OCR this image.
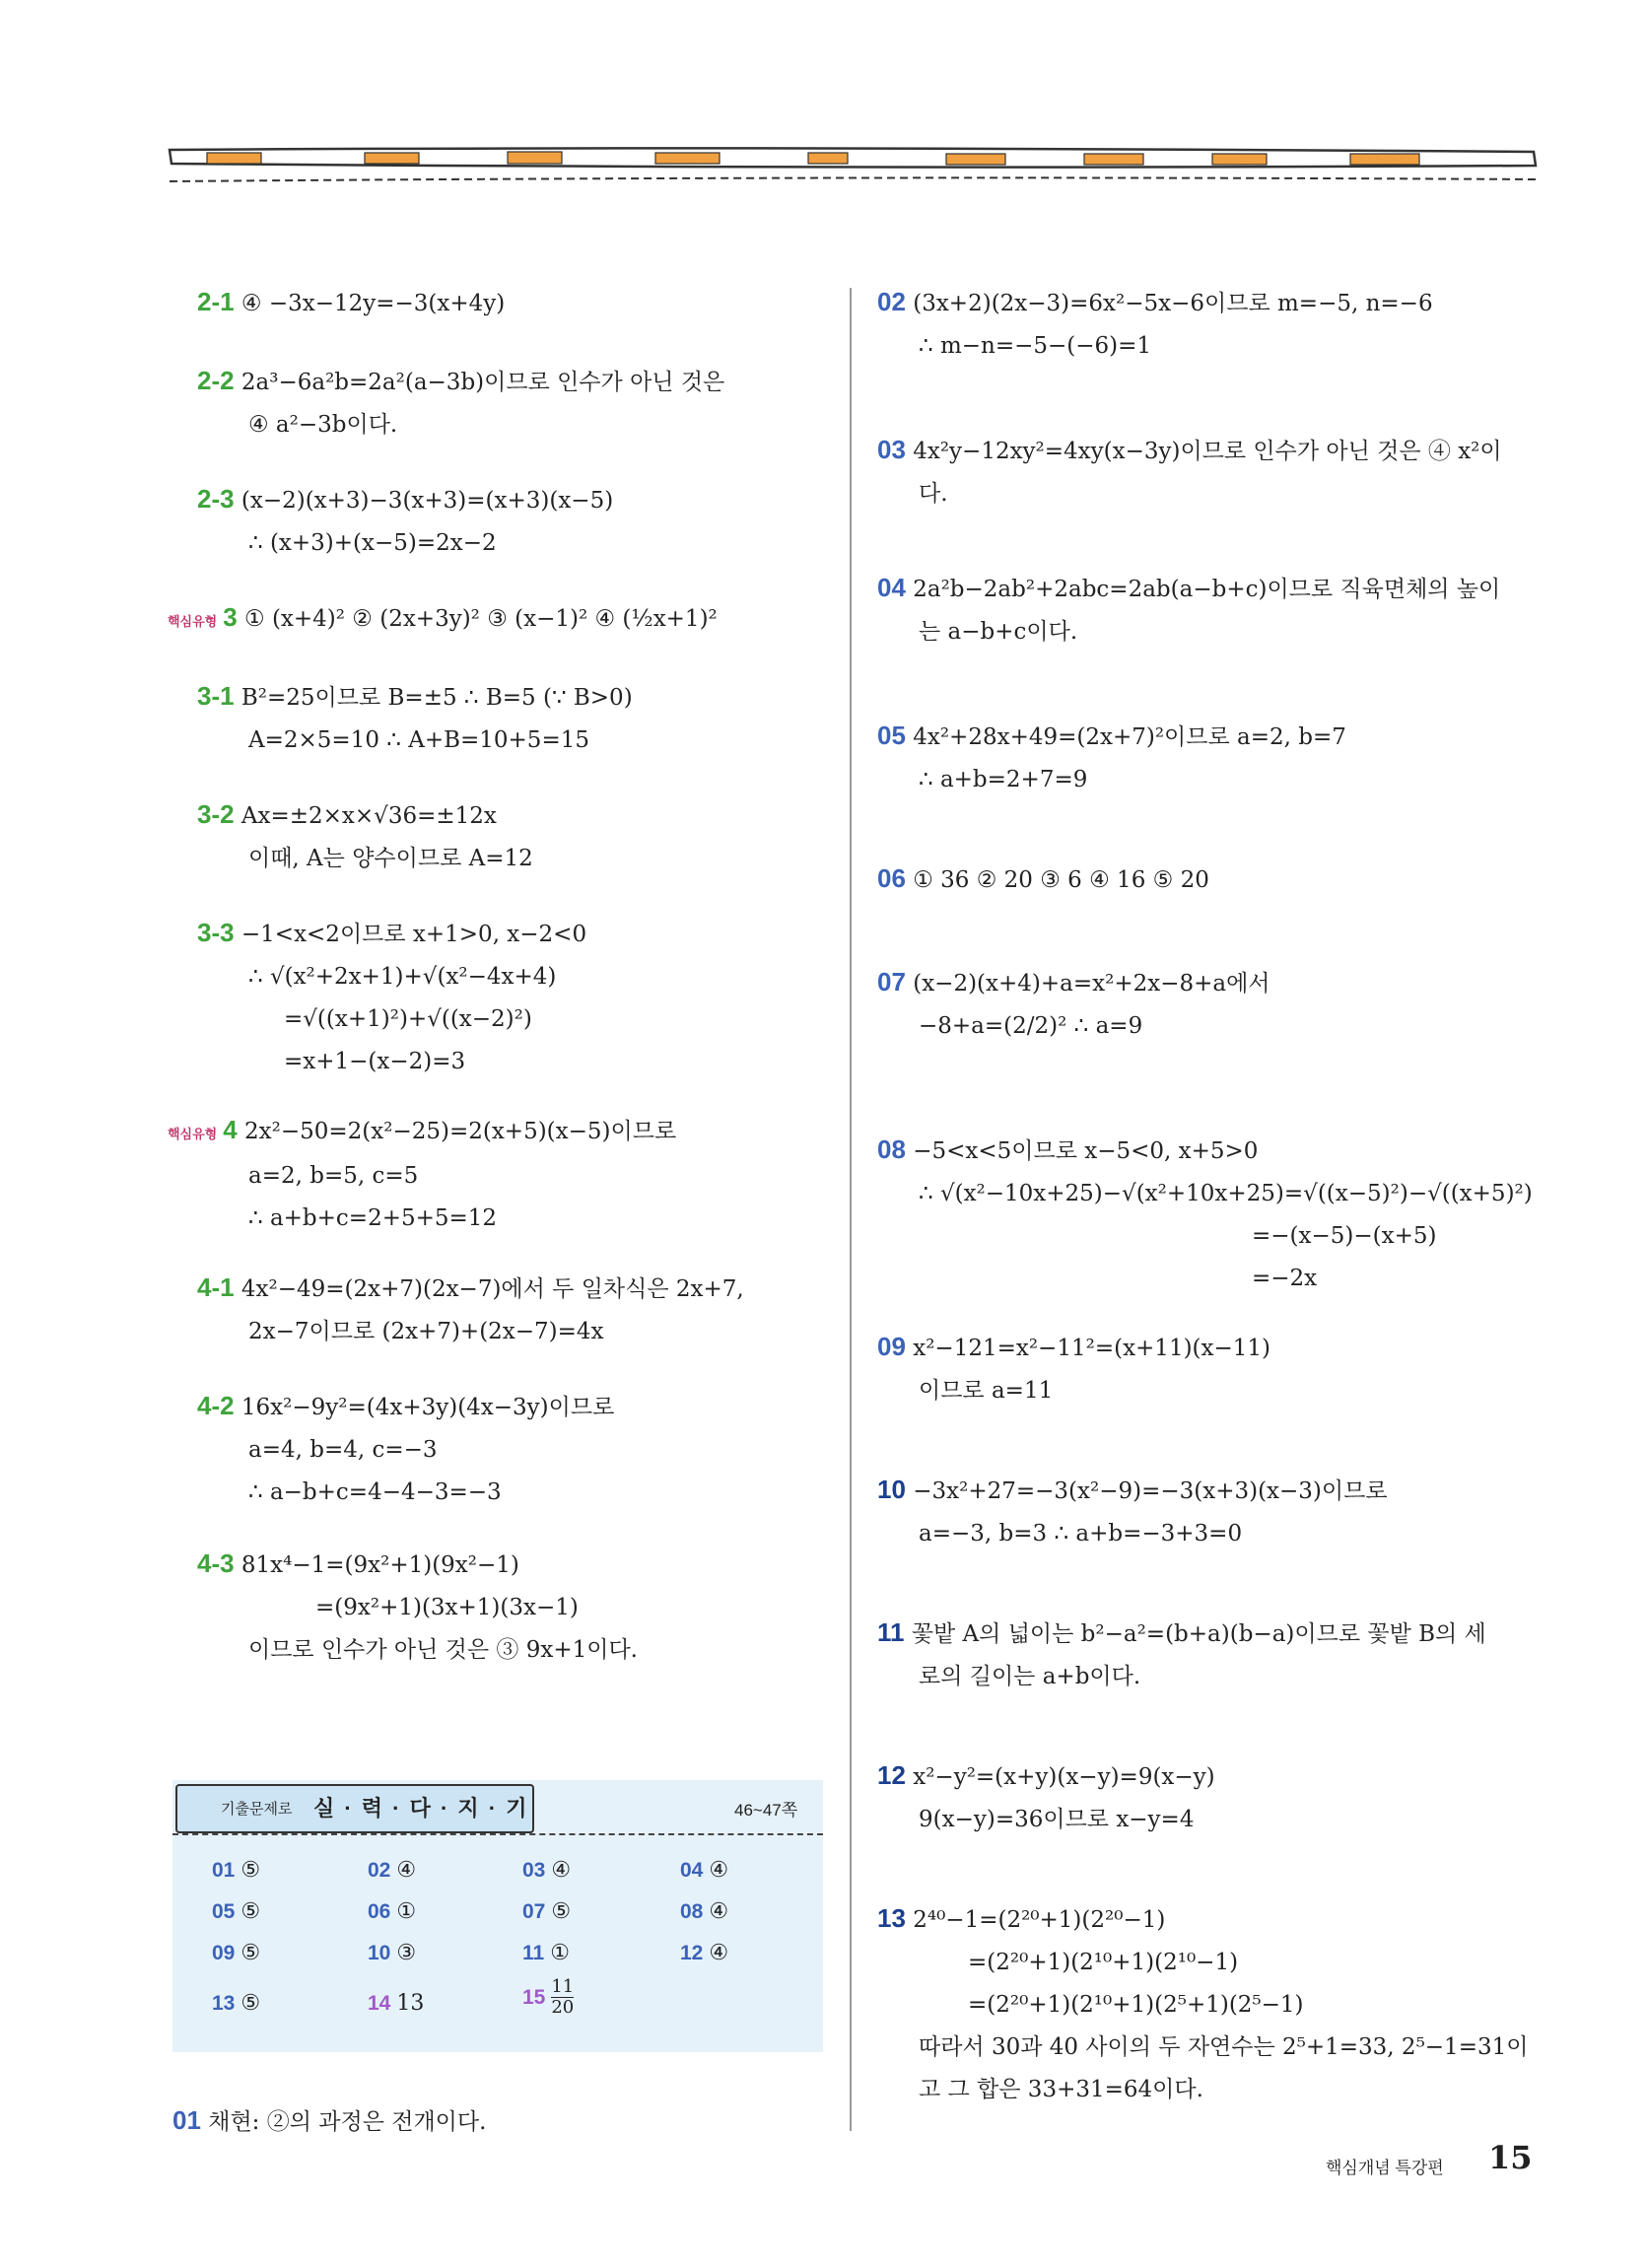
2-1 ④ −3x−12y=−3(x+4y)
2-2 2a³−6a²b=2a²(a−3b)이므로 인수가 아닌 것은
④ a²−3b이다.
2-3 (x−2)(x+3)−3(x+3)=(x+3)(x−5)
∴ (x+3)+(x−5)=2x−2
핵심유형 3 ① (x+4)² ② (2x+3y)² ③ (x−1)² ④ (½x+1)²
3-1 B²=25이므로 B=±5 ∴ B=5 (∵ B>0)
A=2×5=10 ∴ A+B=10+5=15
3-2 Ax=±2×x×√36=±12x
이때, A는 양수이므로 A=12
3-3 −1<x<2이므로 x+1>0, x−2<0
∴ √(x²+2x+1)+√(x²−4x+4)
=√((x+1)²)+√((x−2)²)
=x+1−(x−2)=3
핵심유형 4 2x²−50=2(x²−25)=2(x+5)(x−5)이므로
a=2, b=5, c=5
∴ a+b+c=2+5+5=12
4-1 4x²−49=(2x+7)(2x−7)에서 두 일차식은 2x+7,
2x−7이므로 (2x+7)+(2x−7)=4x
4-2 16x²−9y²=(4x+3y)(4x−3y)이므로
a=4, b=4, c=−3
∴ a−b+c=4−4−3=−3
4-3 81x⁴−1=(9x²+1)(9x²−1)
=(9x²+1)(3x+1)(3x−1)
이므로 인수가 아닌 것은 ③ 9x+1이다.
기출문제로 실 · 력 · 다 · 지 · 기	46~47쪽
01 ⑤	02 ④	03 ④	04 ④
05 ⑤	06 ①	07 ⑤	08 ④
09 ⑤	10 ③	11 ①	12 ④
13 ⑤	14 13	$15 \frac{11}{20}$
01 채현: ②의 과정은 전개이다.
02 (3x+2)(2x−3)=6x²−5x−6이므로 m=−5, n=−6
∴ m−n=−5−(−6)=1
03 4x²y−12xy²=4xy(x−3y)이므로 인수가 아닌 것은 ④ x²이
다.
04 2a²b−2ab²+2abc=2ab(a−b+c)이므로 직육면체의 높이
는 a−b+c이다.
05 4x²+28x+49=(2x+7)²이므로 a=2, b=7
∴ a+b=2+7=9
06 ① 36 ② 20 ③ 6 ④ 16 ⑤ 20
07 (x−2)(x+4)+a=x²+2x−8+a에서
−8+a=(2/2)² ∴ a=9
08 −5<x<5이므로 x−5<0, x+5>0
∴ √(x²−10x+25)−√(x²+10x+25)=√((x−5)²)−√((x+5)²)
=−(x−5)−(x+5)
=−2x
09 x²−121=x²−11²=(x+11)(x−11)
이므로 a=11
10 −3x²+27=−3(x²−9)=−3(x+3)(x−3)이므로
a=−3, b=3 ∴ a+b=−3+3=0
11 꽃밭 A의 넓이는 b²−a²=(b+a)(b−a)이므로 꽃밭 B의 세
로의 길이는 a+b이다.
12 x²−y²=(x+y)(x−y)=9(x−y)
9(x−y)=36이므로 x−y=4
13 2⁴⁰−1=(2²⁰+1)(2²⁰−1)
=(2²⁰+1)(2¹⁰+1)(2¹⁰−1)
=(2²⁰+1)(2¹⁰+1)(2⁵+1)(2⁵−1)
따라서 30과 40 사이의 두 자연수는 2⁵+1=33, 2⁵−1=31이
고 그 합은 33+31=64이다.
핵심개념 특강편 15
